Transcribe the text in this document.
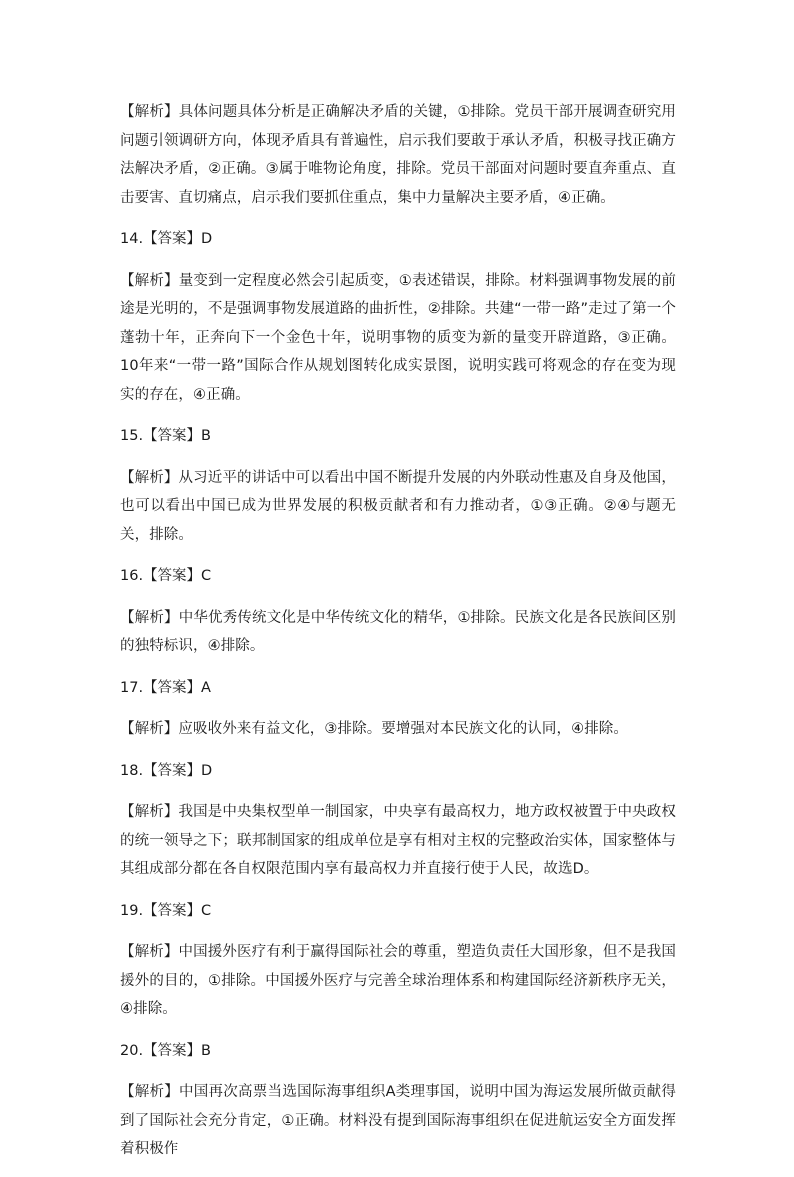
【解析】具体问题具体分析是正确解决矛盾的关键，①排除。党员干部开展调查研究用问题引领调研方向，体现矛盾具有普遍性，启示我们要敢于承认矛盾，积极寻找正确方法解决矛盾，②正确。③属于唯物论角度，排除。党员干部面对问题时要直奔重点、直击要害、直切痛点，启示我们要抓住重点，集中力量解决主要矛盾，④正确。

14.【答案】D

【解析】量变到一定程度必然会引起质变，①表述错误，排除。材料强调事物发展的前途是光明的，不是强调事物发展道路的曲折性，②排除。共建“一带一路”走过了第一个蓬勃十年，正奔向下一个金色十年，说明事物的质变为新的量变开辟道路，③正确。10年来“一带一路”国际合作从规划图转化成实景图，说明实践可将观念的存在变为现实的存在，④正确。

15.【答案】B

【解析】从习近平的讲话中可以看出中国不断提升发展的内外联动性惠及自身及他国，也可以看出中国已成为世界发展的积极贡献者和有力推动者，①③正确。②④与题无关，排除。

16.【答案】C

【解析】中华优秀传统文化是中华传统文化的精华，①排除。民族文化是各民族间区别的独特标识，④排除。

17.【答案】A

【解析】应吸收外来有益文化，③排除。要增强对本民族文化的认同，④排除。

18.【答案】D

【解析】我国是中央集权型单一制国家，中央享有最高权力，地方政权被置于中央政权的统一领导之下；联邦制国家的组成单位是享有相对主权的完整政治实体，国家整体与其组成部分都在各自权限范围内享有最高权力并直接行使于人民，故选D。

19.【答案】C

【解析】中国援外医疗有利于赢得国际社会的尊重，塑造负责任大国形象，但不是我国援外的目的，①排除。中国援外医疗与完善全球治理体系和构建国际经济新秩序无关，④排除。

20.【答案】B

【解析】中国再次高票当选国际海事组织A类理事国，说明中国为海运发展所做贡献得到了国际社会充分肯定，①正确。材料没有提到国际海事组织在促进航运安全方面发挥着积极作
